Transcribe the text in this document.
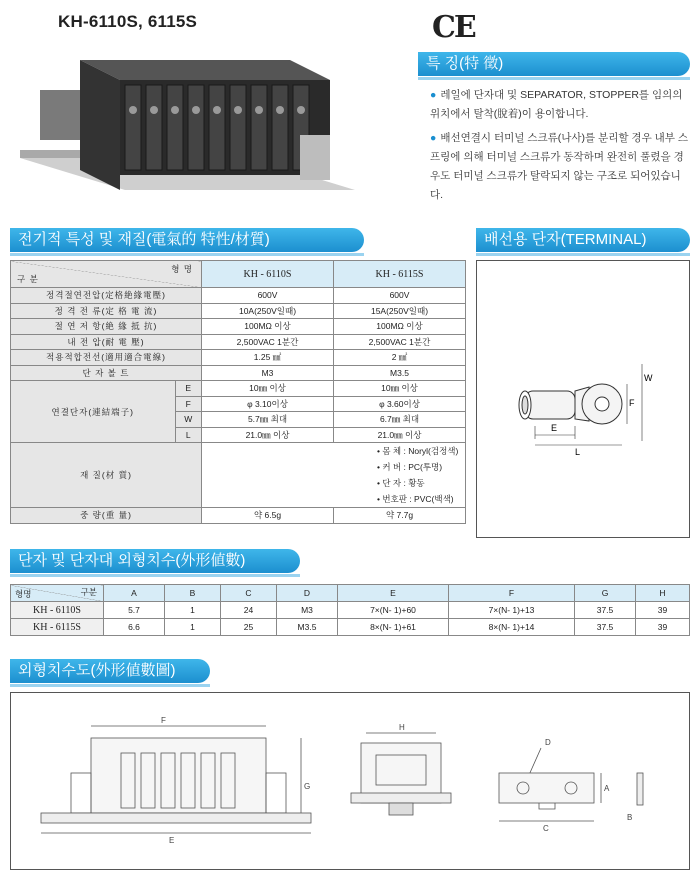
KH-6110S, 6115S	CE
특 징(特 徵)
● 레일에 단자대 및 SEPARATOR, STOPPER를 임의의 위치에서 탈착(脫着)이 용이합니다.
● 배선연결시 터미널 스크류(나사)를 분리할 경우 내부 스프링에 의해 터미널 스크류가 동작하며 완전히 풀렸을 경우도 터미널 스크류가 탈락되지 않는 구조로 되어있습니다.
전기적 특성 및 재질(電氣的 特性/材質)
형 명
구 분		KH - 6110S	KH - 6115S
정격절연전압(定格絶緣電壓)		600V	600V
정 격 전 류(定 格 電 流)		10A(250V일때)	15A(250V일때)
절 연 저 항(絶 緣 抵 抗)		100MΩ 이상	100MΩ 이상
내 전 압(耐 電 壓)		2,500VAC 1분간	2,500VAC 1분간
적용적합전선(適用適合電線)		1.25 ㎟	2 ㎟
단 자 볼 트		M3	M3.5
연결단자(連結端子)	E	10㎜ 이상	10㎜ 이상
	F	φ 3.10이상	φ 3.60이상
	W	5.7㎜ 최대	6.7㎜ 최대
	L	21.0㎜ 이상	21.0㎜ 이상
재 질(材 質)		• 몸 체 : Noryl(검정색)
• 커 버 : PC(투명)
• 단 자 : 황동
• 번호판 : PVC(백색)	

중 량(重 量)		약 6.5g	약 7.7g
배선용 단자(TERMINAL)
E
L
F
W
단자 및 단자대 외형치수(外形値數)
구분
형명	A	B	C	D	E	F	G	H
KH - 6110S	5.7	1	24	M3	7×(N- 1)+60	7×(N- 1)+13	37.5	39
KH - 6115S	6.6	1	25	M3.5	8×(N- 1)+61	8×(N- 1)+14	37.5	39
외형치수도(外形値數圖)
F
E
G
H
D
A
C
B
